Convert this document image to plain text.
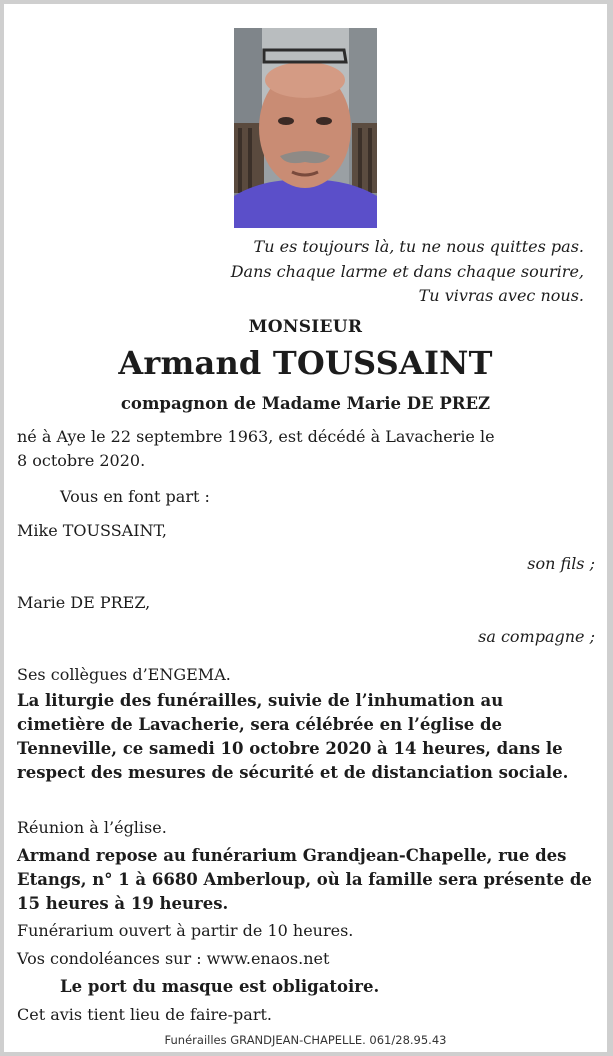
Tu es toujours là, tu ne nous quittes pas.
Dans chaque larme et dans chaque sourire,
Tu vivras avec nous.
MONSIEUR
Armand TOUSSAINT
compagnon de Madame Marie DE PREZ
né à Aye le 22 septembre 1963, est décédé à Lavacherie le
8 octobre 2020.
Vous en font part :
Mike TOUSSAINT,
son fils ;
Marie DE PREZ,
sa compagne ;
Ses collègues d’ENGEMA.
La liturgie des funérailles, suivie de l’inhumation au cimetière de Lavacherie, sera célébrée en l’église de Tenneville, ce samedi 10 octobre 2020 à 14 heures, dans le respect des mesures de sécurité et de distanciation sociale.
Réunion à l’église.
Armand repose au funérarium Grandjean-Chapelle, rue des Etangs, n° 1 à 6680 Amberloup, où la famille sera présente de 15 heures à 19 heures.
Funérarium ouvert à partir de 10 heures.
Vos condoléances sur : www.enaos.net
Le port du masque est obligatoire.
Cet avis tient lieu de faire-part.
Funérailles GRANDJEAN-CHAPELLE. 061/28.95.43
